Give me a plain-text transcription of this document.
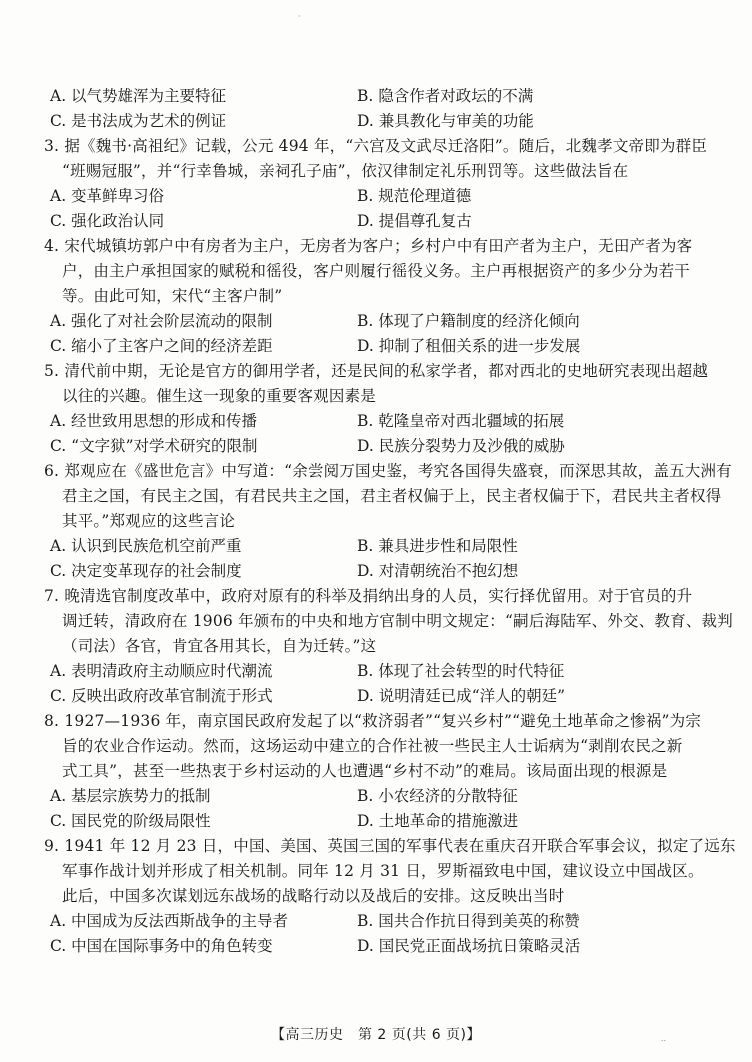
·
A. 以气势雄浑为主要特征	B. 隐含作者对政坛的不满
C. 是书法成为艺术的例证	D. 兼具教化与审美的功能
3. 据《魏书·高祖纪》记载，公元 494 年，“六宫及文武尽迁洛阳”。随后，北魏孝文帝即为群臣
“班赐冠服”，并“行幸鲁城，亲祠孔子庙”，依汉律制定礼乐刑罚等。这些做法旨在
A. 变革鲜卑习俗	B. 规范伦理道德
C. 强化政治认同	D. 提倡尊孔复古
4. 宋代城镇坊郭户中有房者为主户，无房者为客户；乡村户中有田产者为主户，无田产者为客
户，由主户承担国家的赋税和徭役，客户则履行徭役义务。主户再根据资产的多少分为若干
等。由此可知，宋代“主客户制”
A. 强化了对社会阶层流动的限制	B. 体现了户籍制度的经济化倾向
C. 缩小了主客户之间的经济差距	D. 抑制了租佃关系的进一步发展
5. 清代前中期，无论是官方的御用学者，还是民间的私家学者，都对西北的史地研究表现出超越
以往的兴趣。催生这一现象的重要客观因素是
A. 经世致用思想的形成和传播	B. 乾隆皇帝对西北疆域的拓展
C. “文字狱”对学术研究的限制	D. 民族分裂势力及沙俄的威胁
6. 郑观应在《盛世危言》中写道：“余尝阅万国史鉴，考究各国得失盛衰，而深思其故，盖五大洲有
君主之国，有民主之国，有君民共主之国，君主者权偏于上，民主者权偏于下，君民共主者权得
其平。”郑观应的这些言论
A. 认识到民族危机空前严重	B. 兼具进步性和局限性
C. 决定变革现存的社会制度	D. 对清朝统治不抱幻想
7. 晚清选官制度改革中，政府对原有的科举及捐纳出身的人员，实行择优留用。对于官员的升
调迁转，清政府在 1906 年颁布的中央和地方官制中明文规定：“嗣后海陆军、外交、教育、裁判
（司法）各官，肯宜各用其长，自为迁转。”这
A. 表明清政府主动顺应时代潮流	B. 体现了社会转型的时代特征
C. 反映出政府改革官制流于形式	D. 说明清廷已成“洋人的朝廷”
8. 1927—1936 年，南京国民政府发起了以“救济弱者”“复兴乡村”“避免土地革命之惨祸”为宗
旨的农业合作运动。然而，这场运动中建立的合作社被一些民主人士诟病为“剥削农民之新
式工具”，甚至一些热衷于乡村运动的人也遭遇“乡村不动”的难局。该局面出现的根源是
A. 基层宗族势力的抵制	B. 小农经济的分散特征
C. 国民党的阶级局限性	D. 土地革命的措施激进
9. 1941 年 12 月 23 日，中国、美国、英国三国的军事代表在重庆召开联合军事会议，拟定了远东
军事作战计划并形成了相关机制。同年 12 月 31 日，罗斯福致电中国，建议设立中国战区。
此后，中国多次谋划远东战场的战略行动以及战后的安排。这反映出当时
A. 中国成为反法西斯战争的主导者	B. 国共合作抗日得到美英的称赞
C. 中国在国际事务中的角色转变	D. 国民党正面战场抗日策略灵活
【高三历史　第 2 页(共 6 页)】	..
